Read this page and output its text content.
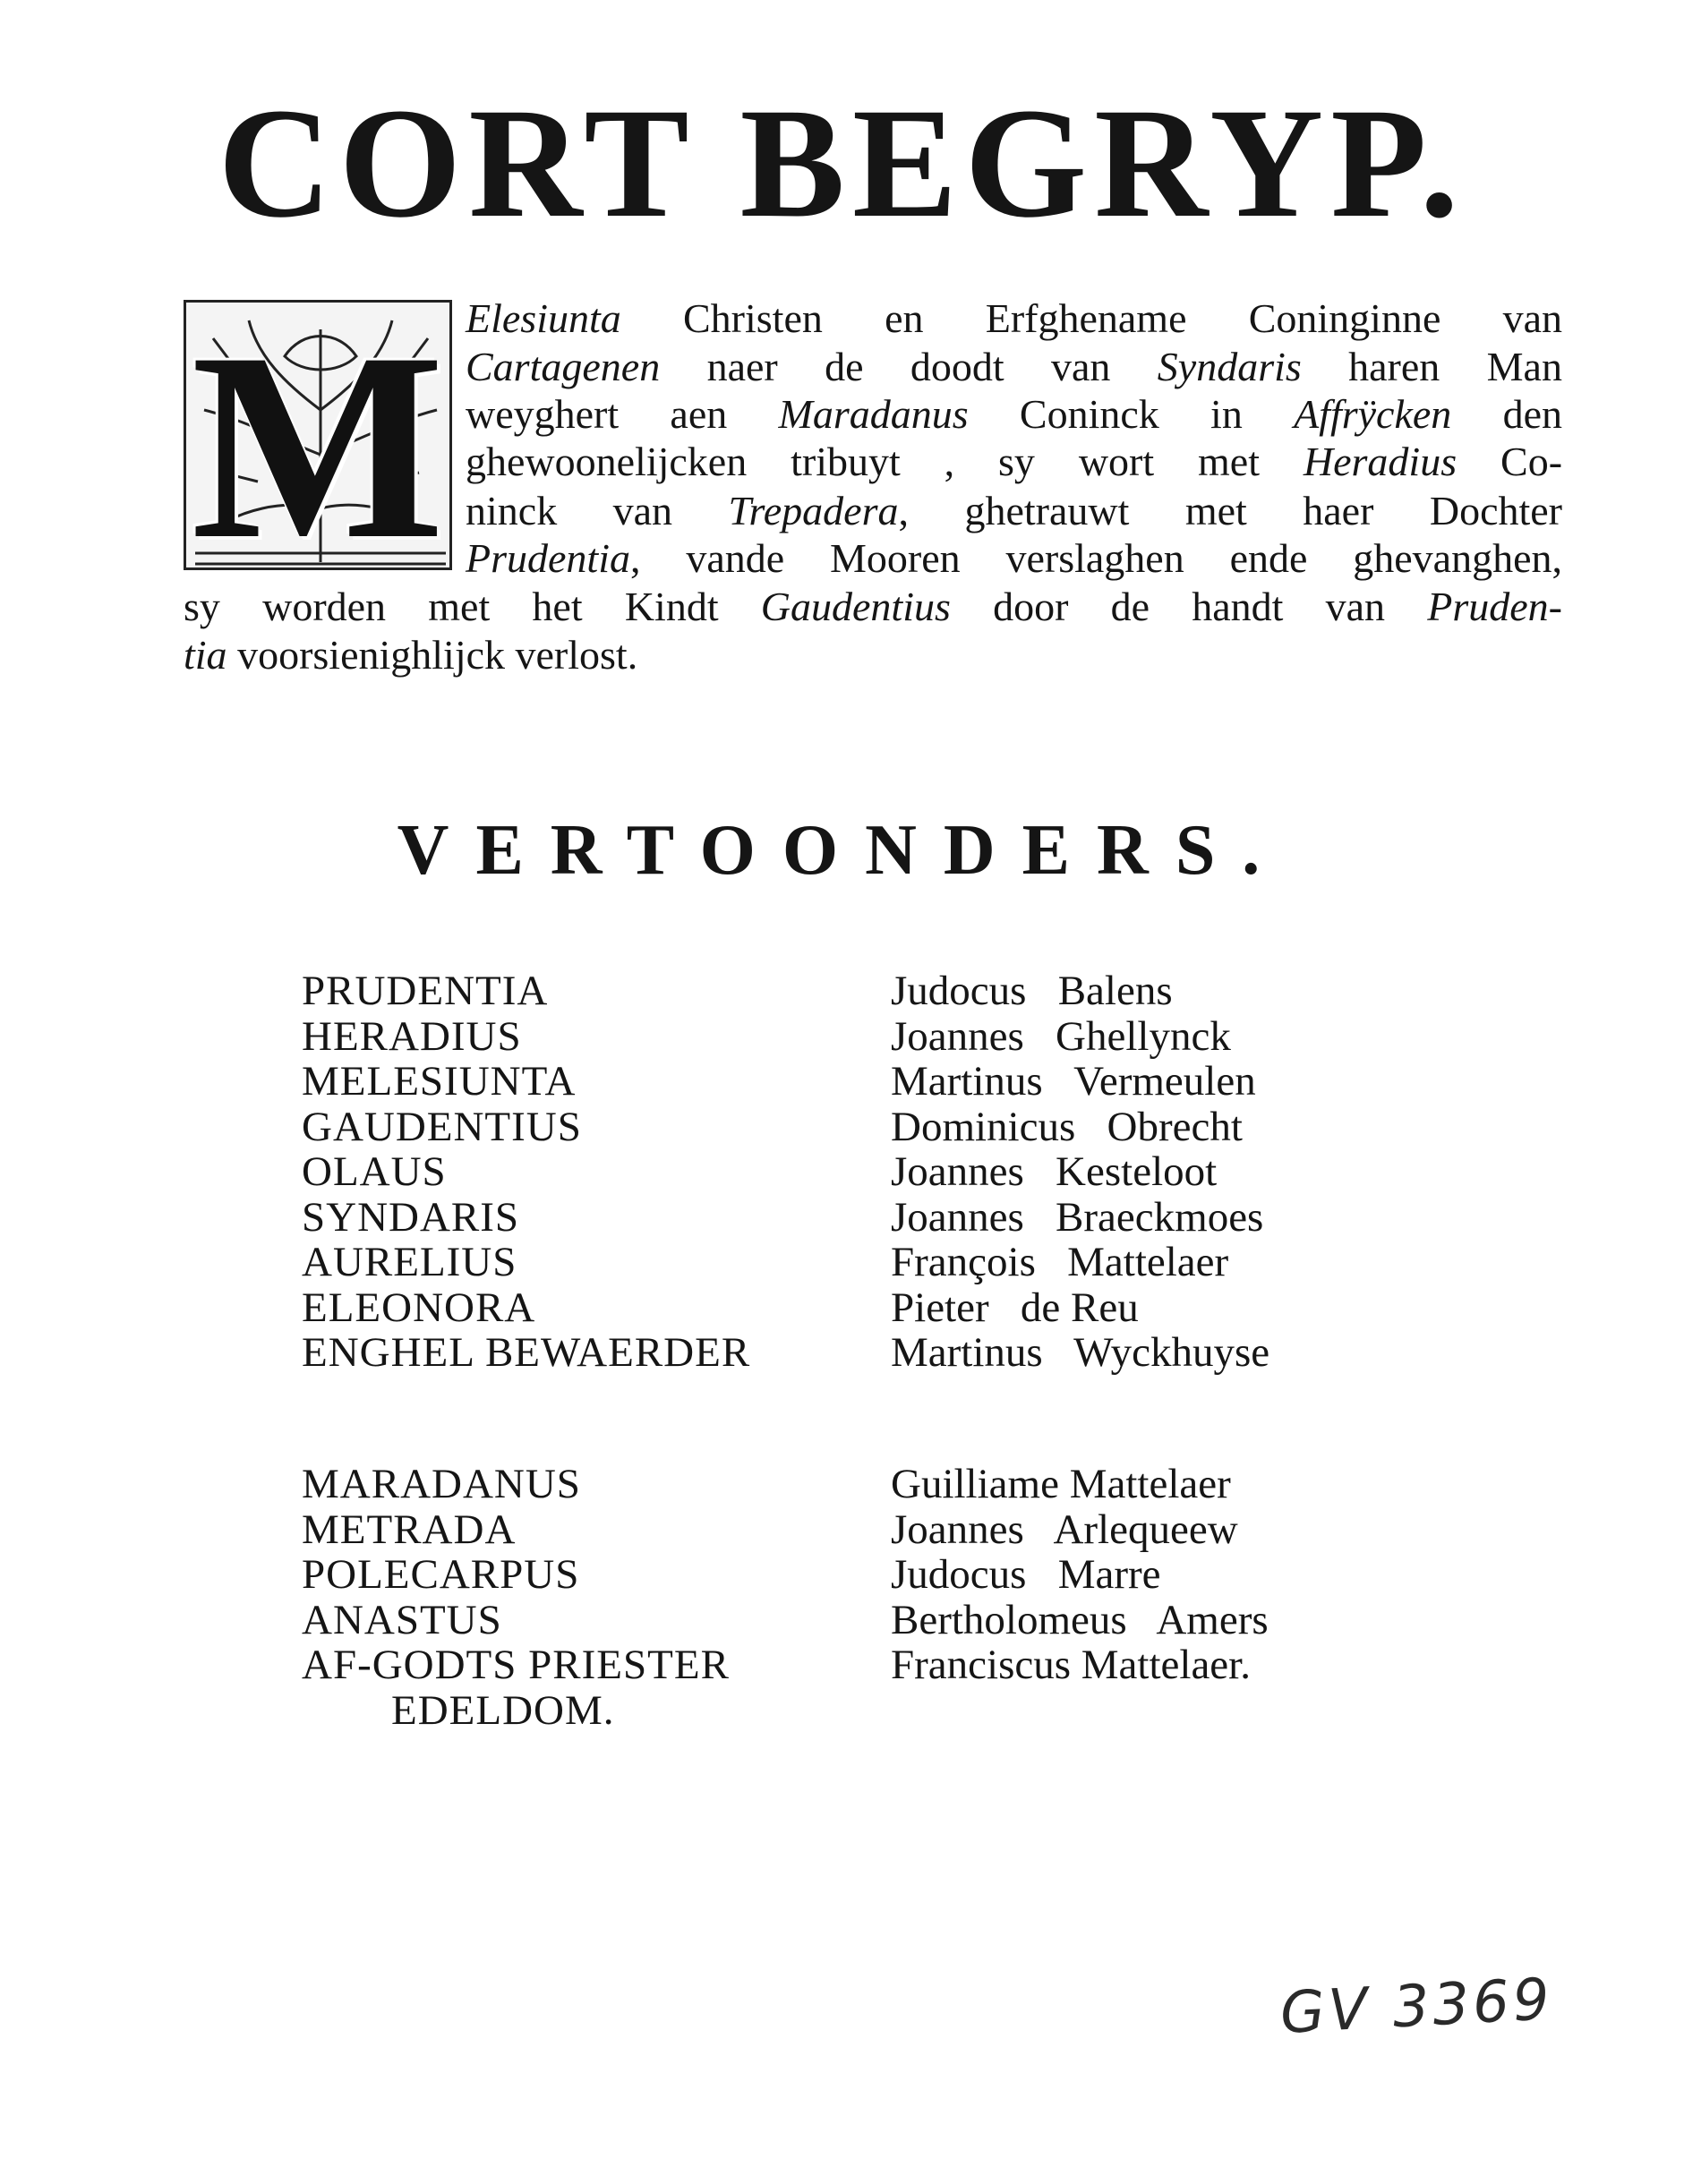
CORT BEGRYP.
M Elesiunta Christen en Erfghename Coninginne van

Cartagenen naer de doodt van Syndaris haren Man

weyghert aen Maradanus Coninck in Affrÿcken den

ghewoonelijcken tribuyt , sy wort met Heradius Co-

ninck van Trepadera, ghetrauwt met haer Dochter

Prudentia, vande Mooren verslaghen ende ghevanghen,

sy worden met het Kindt Gaudentius door de handt van Pruden-

tia voorsienighlijck verlost.

VERTOONDERS.
PRUDENTIA	Judocus   Balens
HERADIUS	Joannes   Ghellynck
MELESIUNTA	Martinus   Vermeulen
GAUDENTIUS	Dominicus   Obrecht
OLAUS	Joannes   Kesteloot
SYNDARIS	Joannes   Braeckmoes
AURELIUS	François   Mattelaer
ELEONORA	Pieter   de Reu
ENGHEL BEWAERDER	Martinus   Wyckhuyse
MARADANUS	Guilliame Mattelaer
METRADA	Joannes   Arlequeew
POLECARPUS	Judocus   Marre
ANASTUS	Bertholomeus   Amers
AF-GODTS PRIESTER	Franciscus Mattelaer.
EDELDOM.
GV 3369
